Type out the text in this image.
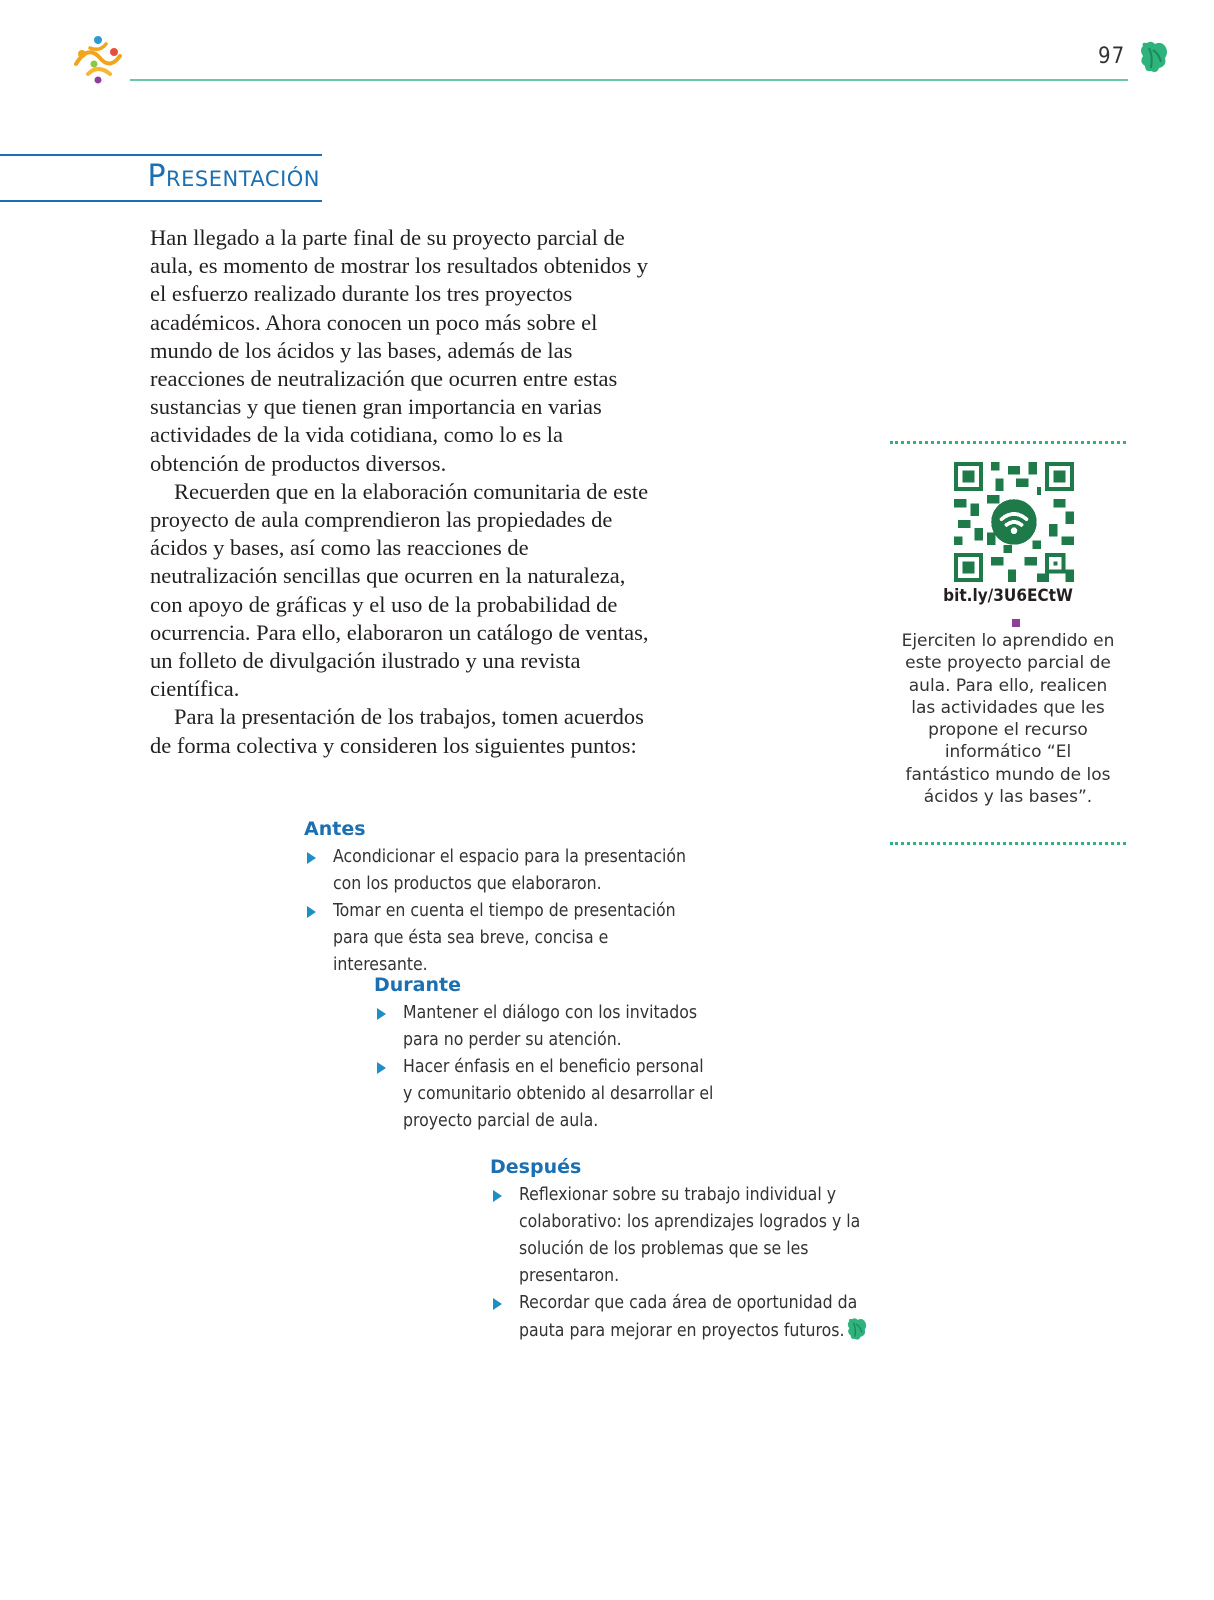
97
Presentación

Han llegado a la parte final de su proyecto parcial de aula, es momento de mostrar los resultados obtenidos y el esfuerzo realizado durante los tres proyectos académicos. Ahora conocen un poco más sobre el mundo de los ácidos y las bases, además de las reacciones de neutralización que ocurren entre estas sustancias y que tienen gran importancia en varias actividades de la vida cotidiana, como lo es la obtención de productos diversos.

Recuerden que en la elaboración comunitaria de este proyecto de aula comprendieron las propiedades de ácidos y bases, así como las reacciones de neutralización sencillas que ocurren en la naturaleza, con apoyo de gráficas y el uso de la probabilidad de ocurrencia. Para ello, elaboraron un catálogo de ventas, un folleto de divulgación ilustrado y una revista científica.

Para la presentación de los trabajos, tomen acuerdos de forma colectiva y consideren los siguientes puntos:

Antes
Acondicionar el espacio para la presentación con los productos que elaboraron.
Tomar en cuenta el tiempo de presentación para que ésta sea breve, concisa e interesante.
Durante
Mantener el diálogo con los invitados para no perder su atención.
Hacer énfasis en el beneficio personal y comunitario obtenido al desarrollar el proyecto parcial de aula.
Después
Reflexionar sobre su trabajo individual y colaborativo: los aprendizajes logrados y la solución de los problemas que se les presentaron.
Recordar que cada área de oportunidad da pauta para mejorar en proyectos futuros.
bit.ly/3U6ECtW
Ejerciten lo aprendido en este proyecto parcial de aula. Para ello, realicen las actividades que les propone el recurso informático “El fantástico mundo de los ácidos y las bases”.
